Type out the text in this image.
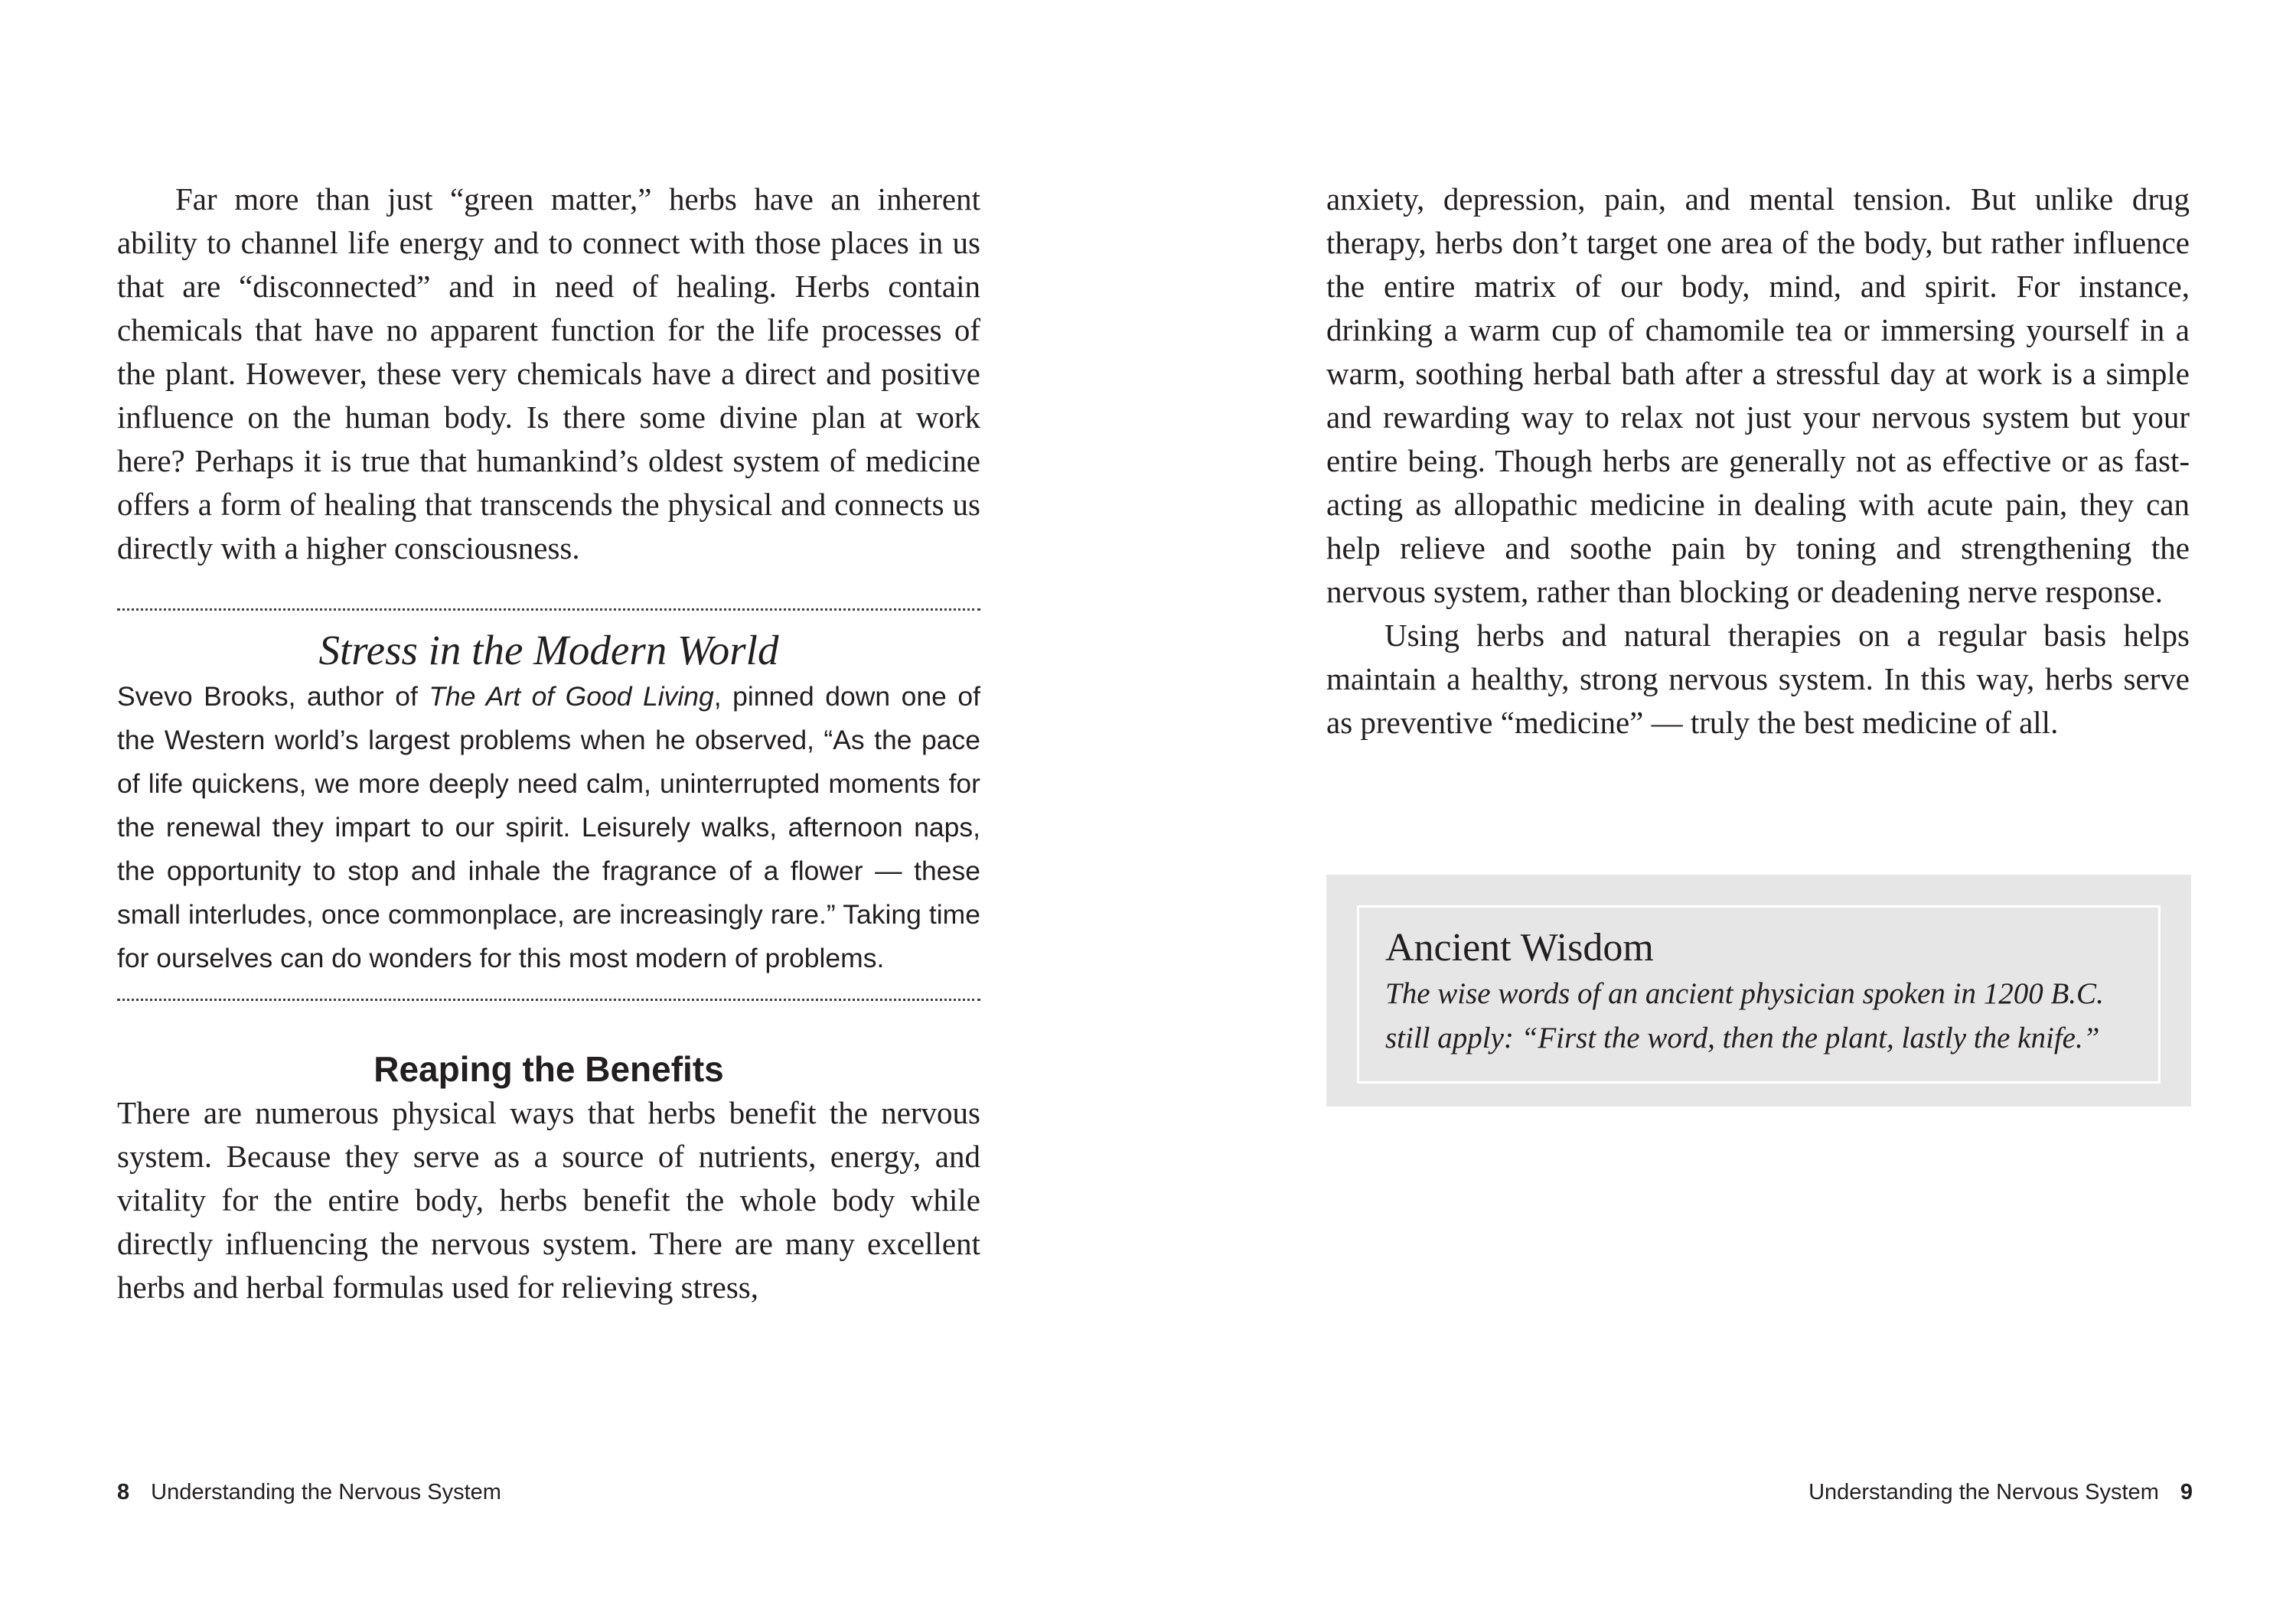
Far more than just “green matter,” herbs have an inherent ability to channel life energy and to connect with those places in us that are “disconnected” and in need of healing. Herbs contain chemicals that have no apparent function for the life processes of the plant. However, these very chemicals have a direct and positive influence on the human body. Is there some divine plan at work here? Perhaps it is true that humankind’s oldest system of medicine offers a form of healing that transcends the physical and connects us directly with a higher consciousness.

Stress in the Modern World

Svevo Brooks, author of The Art of Good Living, pinned down one of the Western world’s largest problems when he observed, “As the pace of life quickens, we more deeply need calm, uninterrupted moments for the renewal they impart to our spirit. Leisurely walks, afternoon naps, the opportunity to stop and inhale the fragrance of a flower — these small interludes, once commonplace, are increasingly rare.” Taking time for ourselves can do wonders for this most modern of problems.

Reaping the Benefits

There are numerous physical ways that herbs benefit the nervous system. Because they serve as a source of nutrients, energy, and vitality for the entire body, herbs benefit the whole body while directly influencing the nervous system. There are many excellent herbs and herbal formulas used for relieving stress,

8 Understanding the Nervous System

anxiety, depression, pain, and mental tension. But unlike drug therapy, herbs don’t target one area of the body, but rather influence the entire matrix of our body, mind, and spirit. For instance, drinking a warm cup of chamomile tea or immersing yourself in a warm, soothing herbal bath after a stressful day at work is a simple and rewarding way to relax not just your nervous system but your entire being. Though herbs are generally not as effective or as fast-acting as allopathic medicine in dealing with acute pain, they can help relieve and soothe pain by toning and strengthening the nervous system, rather than blocking or deadening nerve response.

Using herbs and natural therapies on a regular basis helps maintain a healthy, strong nervous system. In this way, herbs serve as preventive “medicine” — truly the best medicine of all.

Ancient Wisdom

The wise words of an ancient physician spoken in 1200 B.C. still apply: “First the word, then the plant, lastly the knife.”

Understanding the Nervous System 9
